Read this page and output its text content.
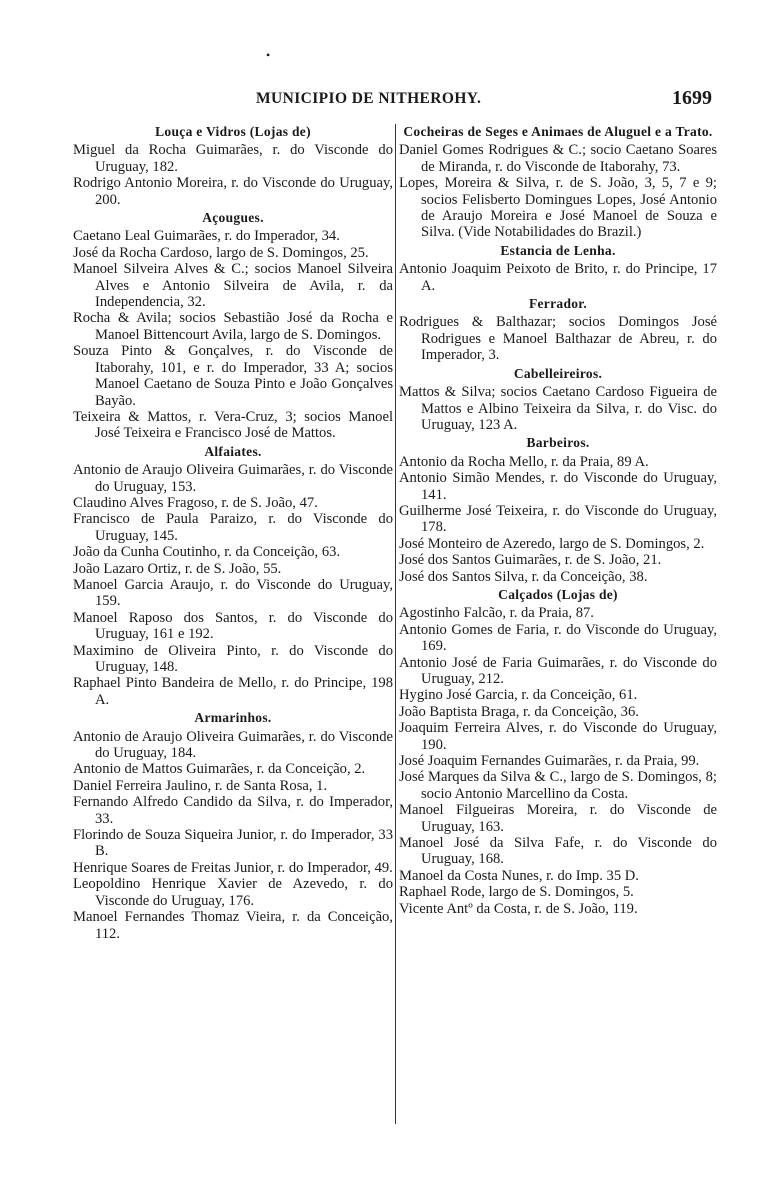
•
MUNICIPIO DE NITHEROHY.	1699
Louça e Vidros (Lojas de)
Miguel da Rocha Guimarães, r. do Visconde do Uruguay, 182.
Rodrigo Antonio Moreira, r. do Visconde do Uruguay, 200.
Açougues.
Caetano Leal Guimarães, r. do Imperador, 34.
José da Rocha Cardoso, largo de S. Domingos, 25.
Manoel Silveira Alves & C.; socios Manoel Silveira Alves e Antonio Silveira de Avila, r. da Independencia, 32.
Rocha & Avila; socios Sebastião José da Rocha e Manoel Bittencourt Avila, largo de S. Domingos.
Souza Pinto & Gonçalves, r. do Visconde de Itaborahy, 101, e r. do Imperador, 33 A; socios Manoel Caetano de Souza Pinto e João Gonçalves Bayão.
Teixeira & Mattos, r. Vera-Cruz, 3; socios Manoel José Teixeira e Francisco José de Mattos.
Alfaiates.
Antonio de Araujo Oliveira Guimarães, r. do Visconde do Uruguay, 153.
Claudino Alves Fragoso, r. de S. João, 47.
Francisco de Paula Paraizo, r. do Visconde do Uruguay, 145.
João da Cunha Coutinho, r. da Conceição, 63.
João Lazaro Ortiz, r. de S. João, 55.
Manoel Garcia Araujo, r. do Visconde do Uruguay, 159.
Manoel Raposo dos Santos, r. do Visconde do Uruguay, 161 e 192.
Maximino de Oliveira Pinto, r. do Visconde do Uruguay, 148.
Raphael Pinto Bandeira de Mello, r. do Principe, 198 A.
Armarinhos.
Antonio de Araujo Oliveira Guimarães, r. do Visconde do Uruguay, 184.
Antonio de Mattos Guimarães, r. da Conceição, 2.
Daniel Ferreira Jaulino, r. de Santa Rosa, 1.
Fernando Alfredo Candido da Silva, r. do Imperador, 33.
Florindo de Souza Siqueira Junior, r. do Imperador, 33 B.
Henrique Soares de Freitas Junior, r. do Imperador, 49.
Leopoldino Henrique Xavier de Azevedo, r. do Visconde do Uruguay, 176.
Manoel Fernandes Thomaz Vieira, r. da Conceição, 112.
Cocheiras de Seges e Animaes de Aluguel e a Trato.
Daniel Gomes Rodrigues & C.; socio Caetano Soares de Miranda, r. do Visconde de Itaborahy, 73.
Lopes, Moreira & Silva, r. de S. João, 3, 5, 7 e 9; socios Felisberto Domingues Lopes, José Antonio de Araujo Moreira e José Manoel de Souza e Silva. (Vide Notabilidades do Brazil.)
Estancia de Lenha.
Antonio Joaquim Peixoto de Brito, r. do Principe, 17 A.
Ferrador.
Rodrigues & Balthazar; socios Domingos José Rodrigues e Manoel Balthazar de Abreu, r. do Imperador, 3.
Cabelleireiros.
Mattos & Silva; socios Caetano Cardoso Figueira de Mattos e Albino Teixeira da Silva, r. do Visc. do Uruguay, 123 A.
Barbeiros.
Antonio da Rocha Mello, r. da Praia, 89 A.
Antonio Simão Mendes, r. do Visconde do Uruguay, 141.
Guilherme José Teixeira, r. do Visconde do Uruguay, 178.
José Monteiro de Azeredo, largo de S. Domingos, 2.
José dos Santos Guimarães, r. de S. João, 21.
José dos Santos Silva, r. da Conceição, 38.
Calçados (Lojas de)
Agostinho Falcão, r. da Praia, 87.
Antonio Gomes de Faria, r. do Visconde do Uruguay, 169.
Antonio José de Faria Guimarães, r. do Visconde do Uruguay, 212.
Hygino José Garcia, r. da Conceição, 61.
João Baptista Braga, r. da Conceição, 36.
Joaquim Ferreira Alves, r. do Visconde do Uruguay, 190.
José Joaquim Fernandes Guimarães, r. da Praia, 99.
José Marques da Silva & C., largo de S. Domingos, 8; socio Antonio Marcellino da Costa.
Manoel Filgueiras Moreira, r. do Visconde de Uruguay, 163.
Manoel José da Silva Fafe, r. do Visconde do Uruguay, 168.
Manoel da Costa Nunes, r. do Imp. 35 D.
Raphael Rode, largo de S. Domingos, 5.
Vicente Antº da Costa, r. de S. João, 119.
